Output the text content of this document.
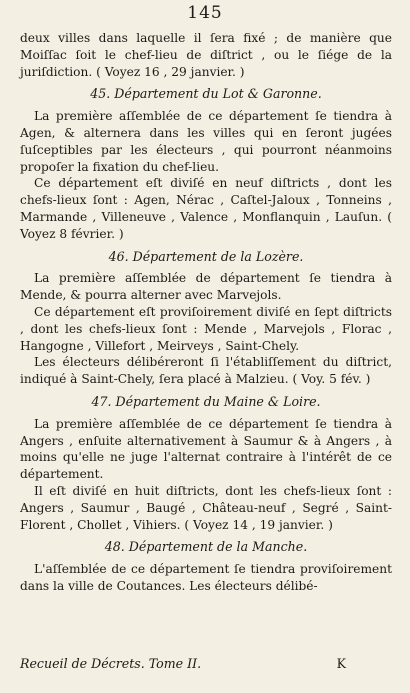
145

deux villes dans laquelle il ſera fixé ; de manière que Moiſſac ſoit le chef-lieu de diſtrict , ou le ſiége de la juriſdiction. ( Voyez 16 , 29 janvier. )

45. Département du Lot & Garonne.

La première aſſemblée de ce département ſe tiendra à Agen, & alternera dans les villes qui en ſeront jugées ſuſceptibles par les électeurs , qui pourront néanmoins propoſer la fixation du chef-lieu.

Ce département eſt diviſé en neuf diſtricts , dont les chefs-lieux ſont : Agen, Nérac , Caſtel-Jaloux , Tonneins , Marmande , Villeneuve , Valence , Monflanquin , Lauſun. ( Voyez 8 février. )

46. Département de la Lozère.

La première aſſemblée de département ſe tiendra à Mende, & pourra alterner avec Marvejols.

Ce département eſt proviſoirement diviſé en ſept diſtricts , dont les chefs-lieux ſont : Mende , Marvejols , Florac , Hangogne , Villefort , Meirveys , Saint-Chely.

Les électeurs délibéreront ſi l'établiſſement du diſtrict, indiqué à Saint-Chely, ſera placé à Malzieu. ( Voy. 5 fév. )

47. Département du Maine & Loire.

La première aſſemblée de ce département ſe tiendra à Angers , enſuite alternativement à Saumur & à Angers , à moins qu'elle ne juge l'alternat contraire à l'intérêt de ce département.

Il eſt diviſé en huit diſtricts, dont les chefs-lieux ſont : Angers , Saumur , Baugé , Château-neuf , Segré , Saint-Florent , Chollet , Vihiers. ( Voyez 14 , 19 janvier. )

48. Département de la Manche.

L'aſſemblée de ce département ſe tiendra proviſoirement dans la ville de Coutances. Les électeurs délibé-

Recueil de Décrets. Tome II.	K
